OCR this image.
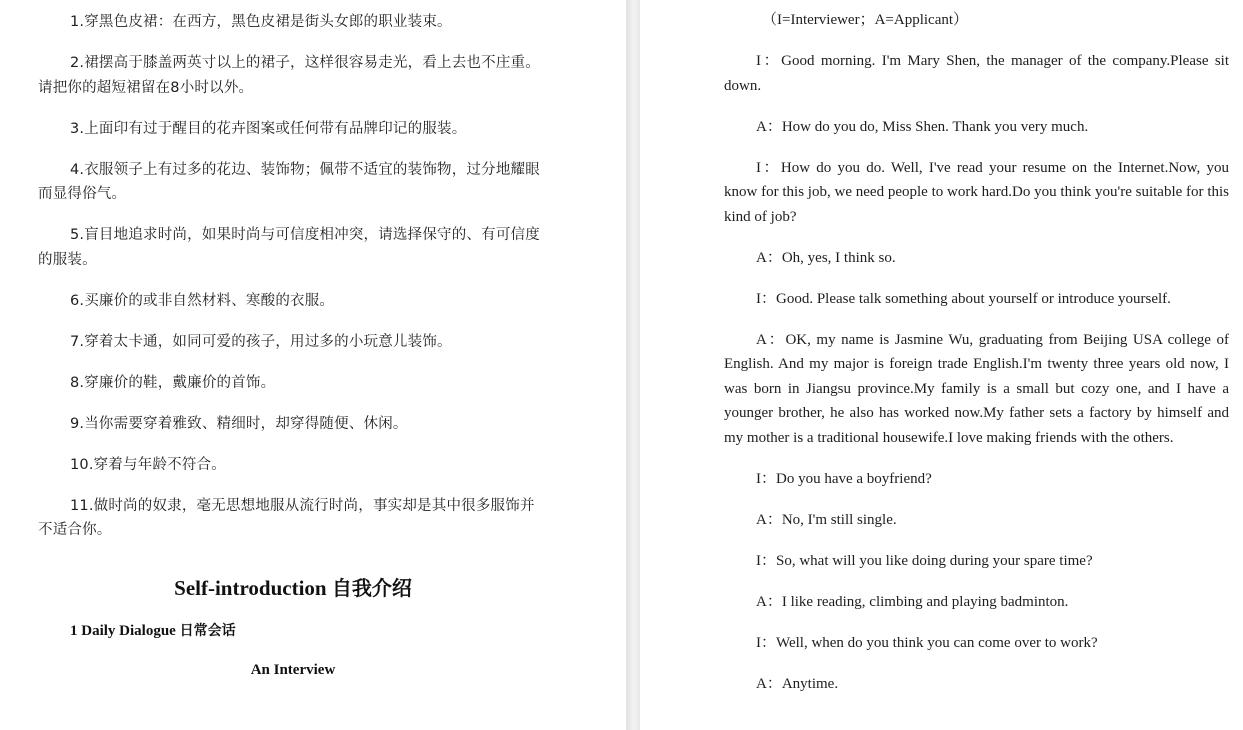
1.穿黑色皮裙：在西方，黑色皮裙是街头女郎的职业装束。
2.裙摆高于膝盖两英寸以上的裙子，这样很容易走光，看上去也不庄重。请把你的超短裙留在8小时以外。
3.上面印有过于醒目的花卉图案或任何带有品牌印记的服装。
4.衣服领子上有过多的花边、装饰物；佩带不适宜的装饰物，过分地耀眼而显得俗气。
5.盲目地追求时尚，如果时尚与可信度相冲突，请选择保守的、有可信度的服装。
6.买廉价的或非自然材料、寒酸的衣服。
7.穿着太卡通，如同可爱的孩子，用过多的小玩意儿装饰。
8.穿廉价的鞋，戴廉价的首饰。
9.当你需要穿着雅致、精细时，却穿得随便、休闲。
10.穿着与年龄不符合。
11.做时尚的奴隶，毫无思想地服从流行时尚，事实却是其中很多服饰并不适合你。
Self-introduction 自我介绍
1 Daily Dialogue 日常会话
An Interview

（I=Interviewer；A=Applicant）

I：Good morning. I'm Mary Shen, the manager of the company.Please sit down.

A：How do you do, Miss Shen. Thank you very much.

I：How do you do. Well, I've read your resume on the Internet.Now, you know for this job, we need people to work hard.Do you think you're suitable for this kind of job?

A：Oh, yes, I think so.

I：Good. Please talk something about yourself or introduce yourself.

A：OK, my name is Jasmine Wu, graduating from Beijing USA college of English. And my major is foreign trade English.I'm twenty three years old now, I was born in Jiangsu province.My family is a small but cozy one, and I have a younger brother, he also has worked now.My father sets a factory by himself and my mother is a traditional housewife.I love making friends with the others.

I：Do you have a boyfriend?

A：No, I'm still single.

I：So, what will you like doing during your spare time?

A：I like reading, climbing and playing badminton.

I：Well, when do you think you can come over to work?

A：Anytime.
